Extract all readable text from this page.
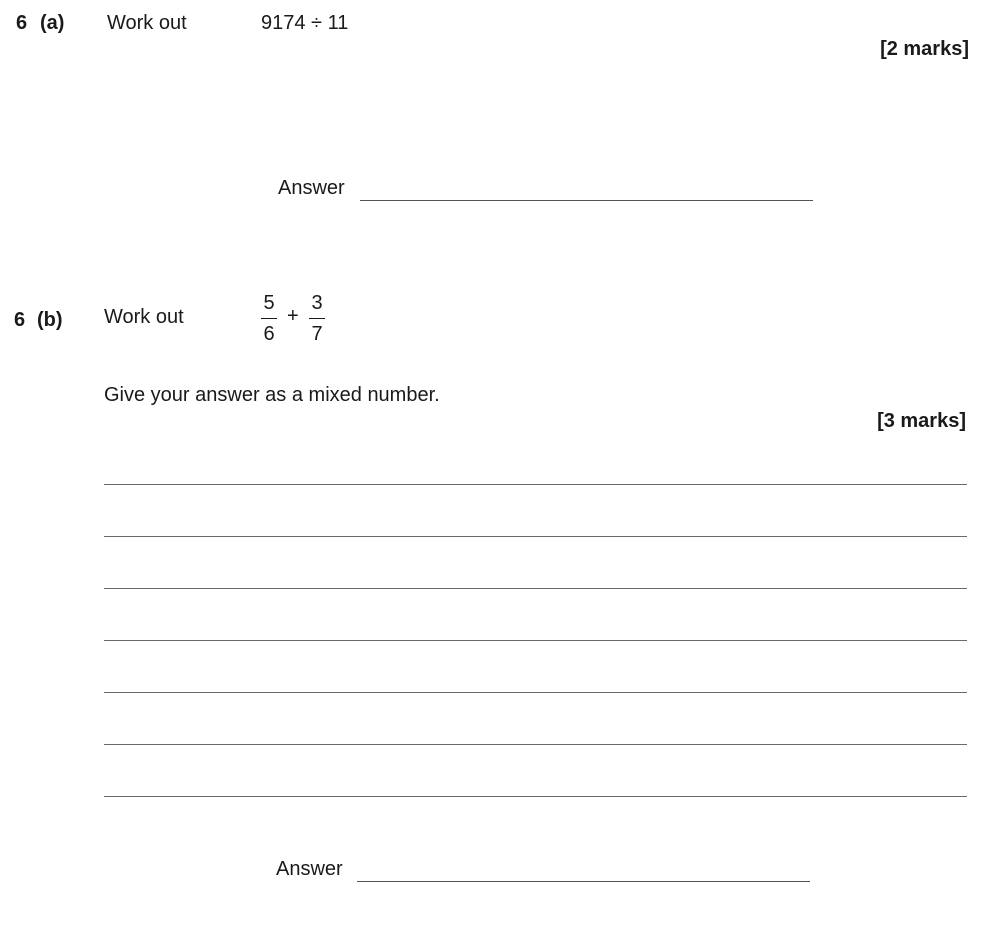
6 (a) Work out	9174 ÷ 11
[2 marks]
Answer
6 (b) Work out
5
6
+
3
7
Give your answer as a mixed number.
[3 marks]
Answer
